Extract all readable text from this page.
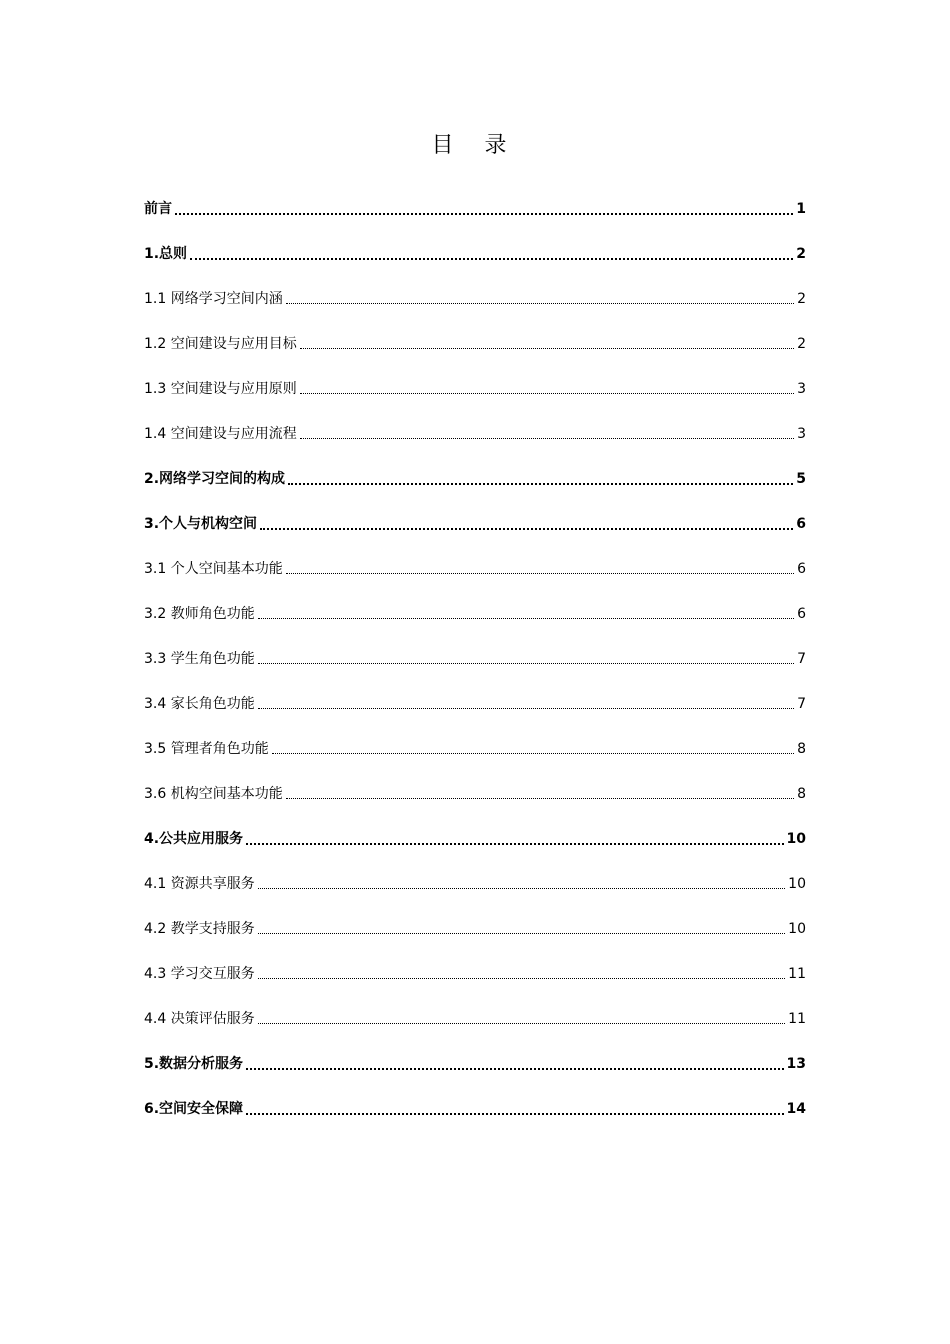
目 录
前言	1
1.总则	2
1.1 网络学习空间内涵	2
1.2 空间建设与应用目标	2
1.3 空间建设与应用原则	3
1.4 空间建设与应用流程	3
2.网络学习空间的构成	5
3.个人与机构空间	6
3.1 个人空间基本功能	6
3.2 教师角色功能	6
3.3 学生角色功能	7
3.4 家长角色功能	7
3.5 管理者角色功能	8
3.6 机构空间基本功能	8
4.公共应用服务	10
4.1 资源共享服务	10
4.2 教学支持服务	10
4.3 学习交互服务	11
4.4 决策评估服务	11
5.数据分析服务	13
6.空间安全保障	14
